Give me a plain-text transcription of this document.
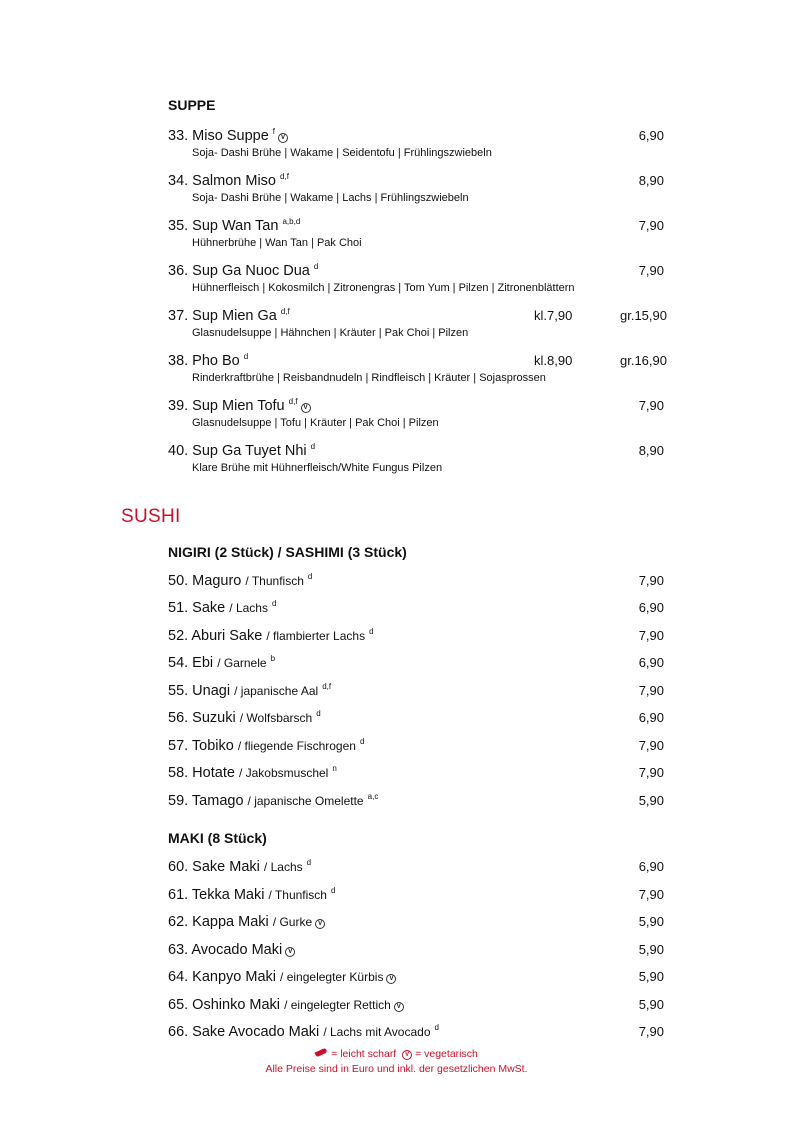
SUPPE
33. Miso Suppe $^f$V
Soja- Dashi Brühe | Wakame | Seidentofu | Frühlingszwiebeln
6,90
34. Salmon Miso $^{d,f}$
Soja- Dashi Brühe | Wakame | Lachs | Frühlingszwiebeln
8,90
35. Sup Wan Tan $^{a,b,d}$
Hühnerbrühe | Wan Tan | Pak Choi
7,90
36. Sup Ga Nuoc Dua $^d$
Hühnerfleisch | Kokosmilch | Zitronengras | Tom Yum | Pilzen | Zitronenblättern
7,90
37. Sup Mien Ga $^{d,f}$
Glasnudelsuppe | Hähnchen | Kräuter | Pak Choi | Pilzen
kl.7,90	gr.15,90
38. Pho Bo $^d$
Rinderkraftbrühe | Reisbandnudeln | Rindfleisch | Kräuter | Sojasprossen
kl.8,90	gr.16,90
39. Sup Mien Tofu $^{d,f}$V
Glasnudelsuppe | Tofu | Kräuter | Pak Choi | Pilzen
7,90
40. Sup Ga Tuyet Nhi $^d$
Klare Brühe mit Hühnerfleisch/White Fungus Pilzen
8,90
SUSHI
NIGIRI (2 Stück) / SASHIMI (3 Stück)
50. Maguro / Thunfisch $^d$	7,90
51. Sake / Lachs $^d$	6,90
52. Aburi Sake / flambierter Lachs $^d$	7,90
54. Ebi / Garnele $^b$	6,90
55. Unagi / japanische Aal $^{d,f}$	7,90
56. Suzuki / Wolfsbarsch $^d$	6,90
57. Tobiko / fliegende Fischrogen $^d$	7,90
58. Hotate / Jakobsmuschel $^n$	7,90
59. Tamago / japanische Omelette $^{a,c}$	5,90
MAKI (8 Stück)
60. Sake Maki / Lachs $^d$	6,90
61. Tekka Maki / Thunfisch $^d$	7,90
62. Kappa Maki / Gurke V	5,90
63. Avocado Maki V	5,90
64. Kanpyo Maki / eingelegter Kürbis V	5,90
65. Oshinko Maki / eingelegter Rettich V	5,90
66. Sake Avocado Maki / Lachs mit Avocado $^d$	7,90
= leicht scharf V = vegetarisch
Alle Preise sind in Euro und inkl. der gesetzlichen MwSt.
